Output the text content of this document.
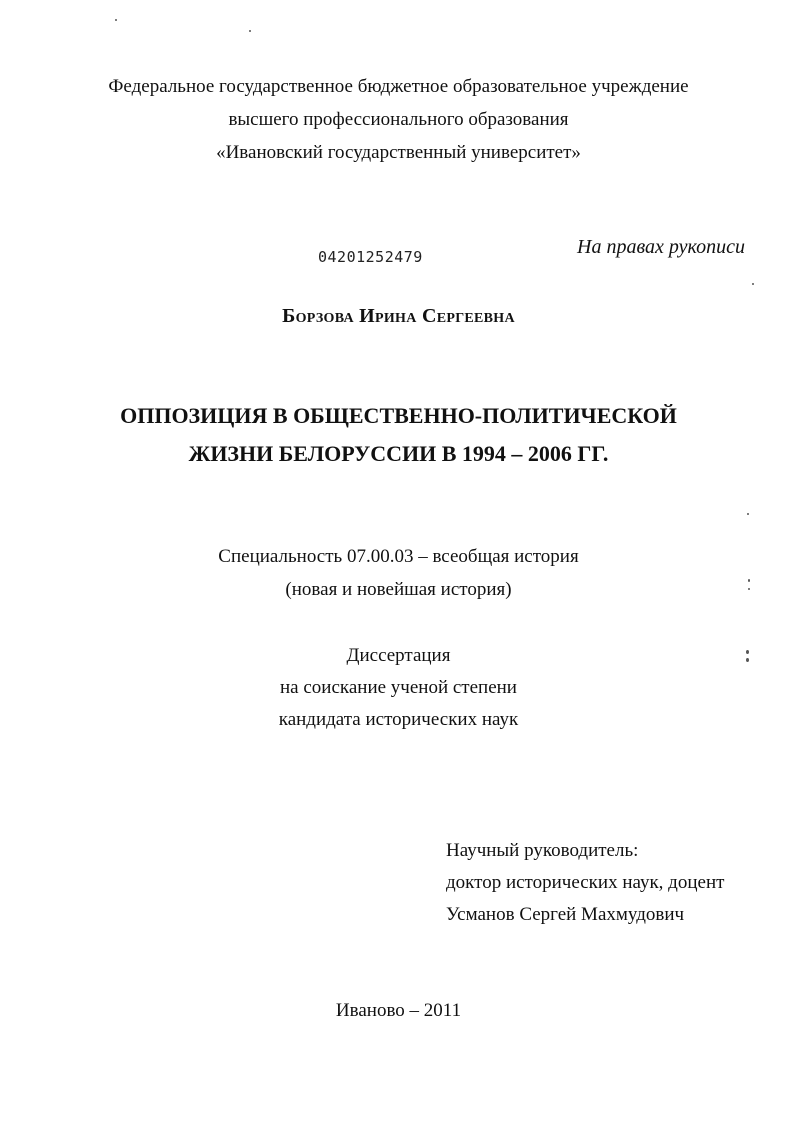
Федеральное государственное бюджетное образовательное учреждение

высшего профессионального образования

«Ивановский государственный университет»

04201252479	На правах рукописи

Борзова Ирина Сергеевна

ОППОЗИЦИЯ В ОБЩЕСТВЕННО-ПОЛИТИЧЕСКОЙ

ЖИЗНИ БЕЛОРУССИИ В 1994 – 2006 ГГ.

Специальность 07.00.03 – всеобщая история

(новая и новейшая история)

Диссертация

на соискание ученой степени

кандидата исторических наук

Научный руководитель:

доктор исторических наук, доцент

Усманов Сергей Махмудович

Иваново – 2011
